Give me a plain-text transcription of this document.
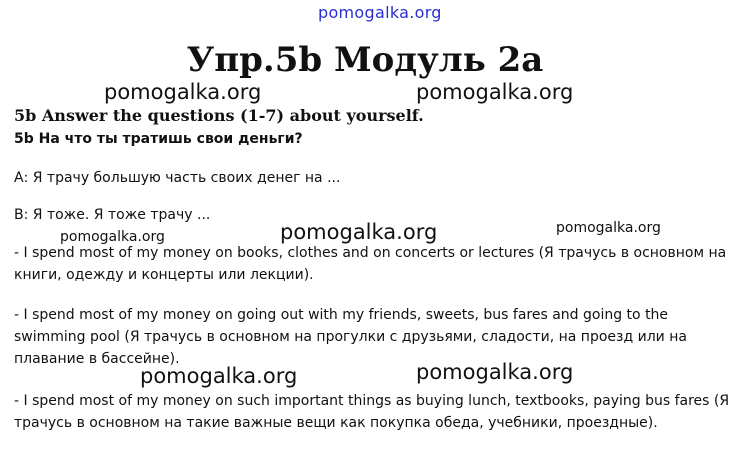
pomogalka.org
Упр.5b Модуль 2a
pomogalka.org	pomogalka.org
5b Answer the questions (1-7) about yourself.
5b На что ты тратишь свои деньги?
А: Я трачу большую часть своих денег на ...
В: Я тоже. Я тоже трачу ...
pomogalka.org	pomogalka.org
pomogalka.org
- I spend most of my money on books, clothes and on concerts or lectures (Я трачусь в основном на книги, одежду и концерты или лекции).
- I spend most of my money on going out with my friends, sweets, bus fares and going to the swimming pool (Я трачусь в основном на прогулки с друзьями, сладости, на проезд или на плавание в бассейне).
pomogalka.org	pomogalka.org
- I spend most of my money on such important things as buying lunch, textbooks, paying bus fares (Я трачусь в основном на такие важные вещи как покупка обеда, учебники, проездные).
